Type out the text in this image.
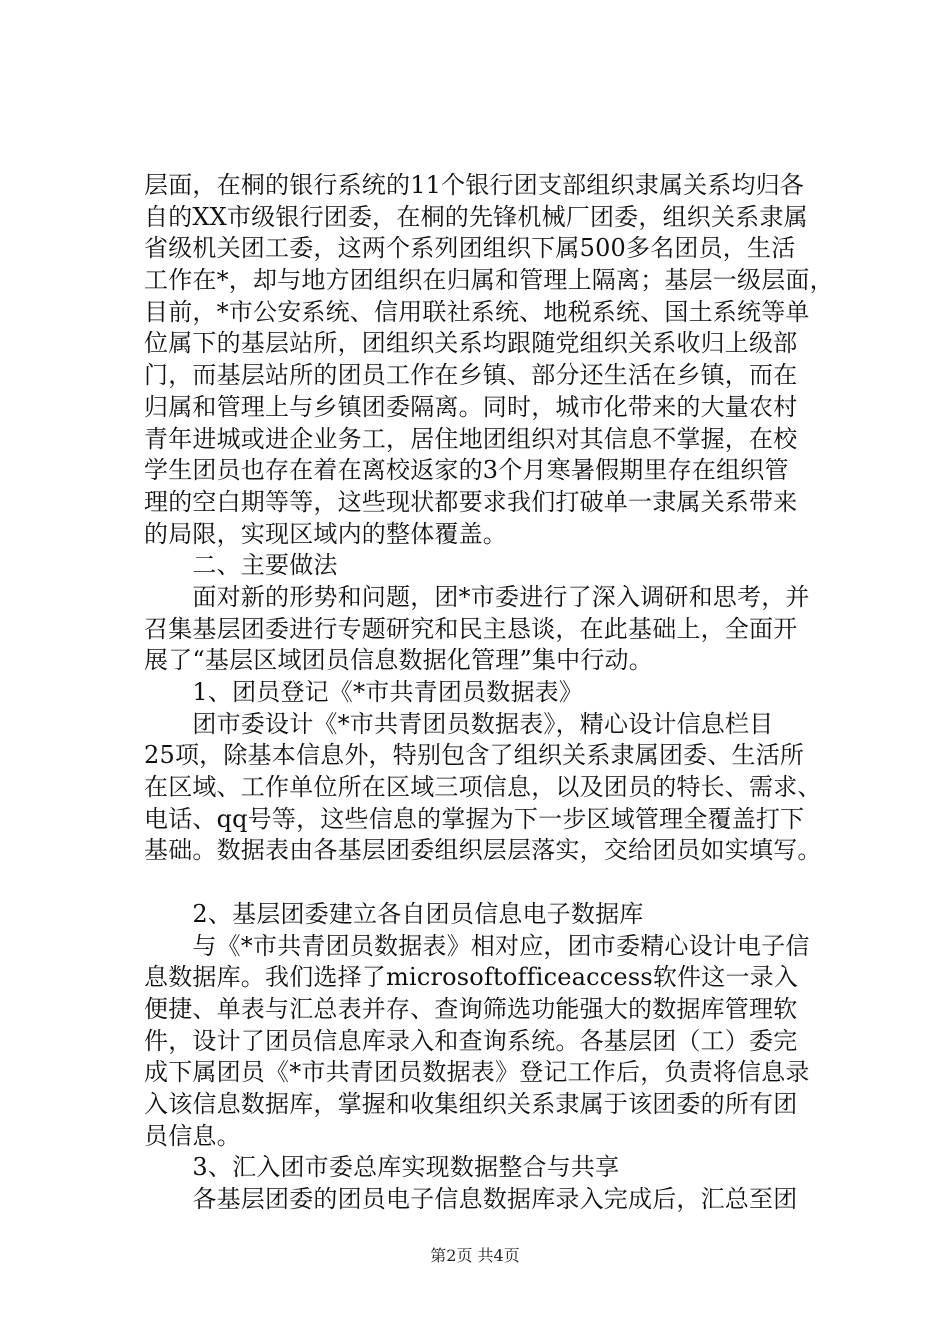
层面，在桐的银行系统的11个银行团支部组织隶属关系均归各
自的XX市级银行团委，在桐的先锋机械厂团委，组织关系隶属
省级机关团工委，这两个系列团组织下属500多名团员，生活
工作在*，却与地方团组织在归属和管理上隔离；基层一级层面，
目前，*市公安系统、信用联社系统、地税系统、国土系统等单
位属下的基层站所，团组织关系均跟随党组织关系收归上级部
门，而基层站所的团员工作在乡镇、部分还生活在乡镇，而在
归属和管理上与乡镇团委隔离。同时，城市化带来的大量农村
青年进城或进企业务工，居住地团组织对其信息不掌握，在校
学生团员也存在着在离校返家的3个月寒暑假期里存在组织管
理的空白期等等，这些现状都要求我们打破单一隶属关系带来
的局限，实现区域内的整体覆盖。
　　二、主要做法
　　面对新的形势和问题，团*市委进行了深入调研和思考，并
召集基层团委进行专题研究和民主恳谈，在此基础上，全面开
展了“基层区域团员信息数据化管理”集中行动。
　　1、团员登记《*市共青团员数据表》
　　团市委设计《*市共青团员数据表》，精心设计信息栏目
25项，除基本信息外，特别包含了组织关系隶属团委、生活所
在区域、工作单位所在区域三项信息，以及团员的特长、需求、
电话、qq号等，这些信息的掌握为下一步区域管理全覆盖打下
基础。数据表由各基层团委组织层层落实，交给团员如实填写。
　　2、基层团委建立各自团员信息电子数据库
　　与《*市共青团员数据表》相对应，团市委精心设计电子信
息数据库。我们选择了microsoftofficeaccess软件这一录入
便捷、单表与汇总表并存、查询筛选功能强大的数据库管理软
件，设计了团员信息库录入和查询系统。各基层团（工）委完
成下属团员《*市共青团员数据表》登记工作后，负责将信息录
入该信息数据库，掌握和收集组织关系隶属于该团委的所有团
员信息。
　　3、汇入团市委总库实现数据整合与共享
　　各基层团委的团员电子信息数据库录入完成后，汇总至团
第2页 共4页
